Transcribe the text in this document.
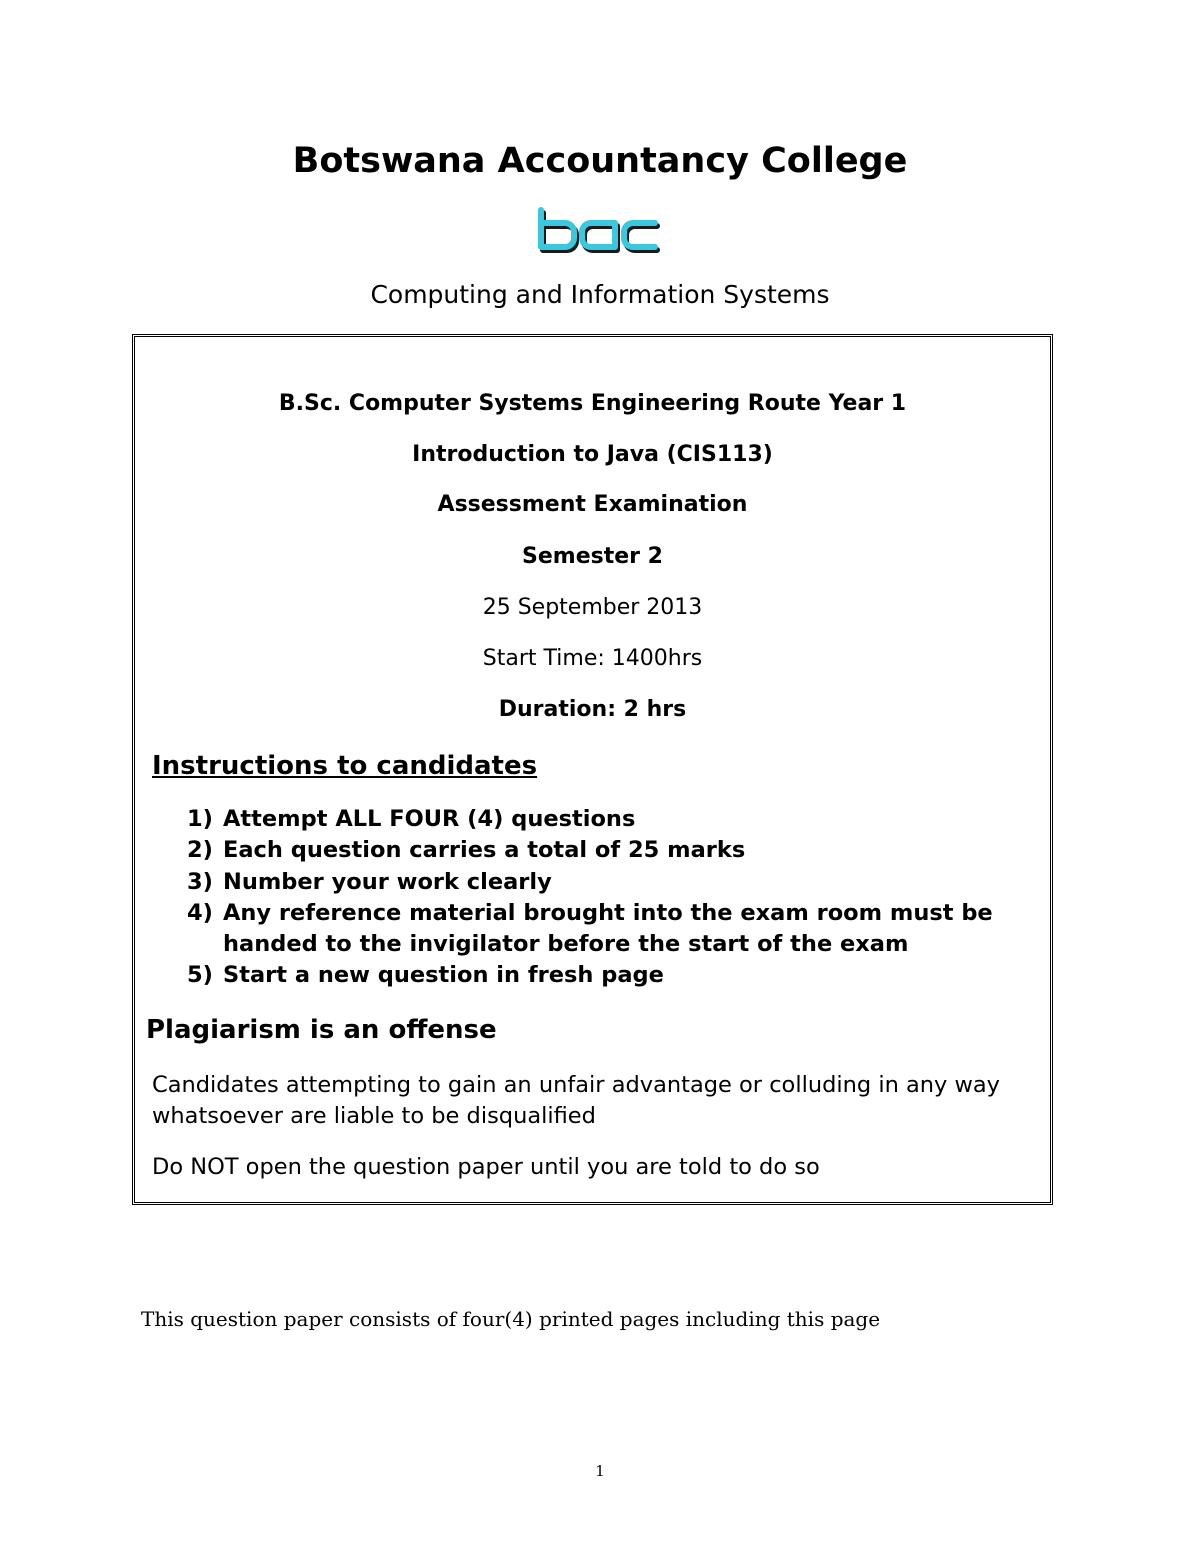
Botswana Accountancy College
Computing and Information Systems
B.Sc. Computer Systems Engineering Route Year 1
Introduction to Java (CIS113)
Assessment Examination
Semester 2
25 September 2013
Start Time: 1400hrs
Duration: 2 hrs
Instructions to candidates
1) Attempt ALL FOUR (4) questions
2) Each question carries a total of 25 marks
3) Number your work clearly
4) Any reference material brought into the exam room must be handed to the invigilator before the start of the exam
5) Start a new question in fresh page
Plagiarism is an offense

Candidates attempting to gain an unfair advantage or colluding in any way whatsoever are liable to be disqualified

Do NOT open the question paper until you are told to do so

This question paper consists of four(4) printed pages including this page
1
